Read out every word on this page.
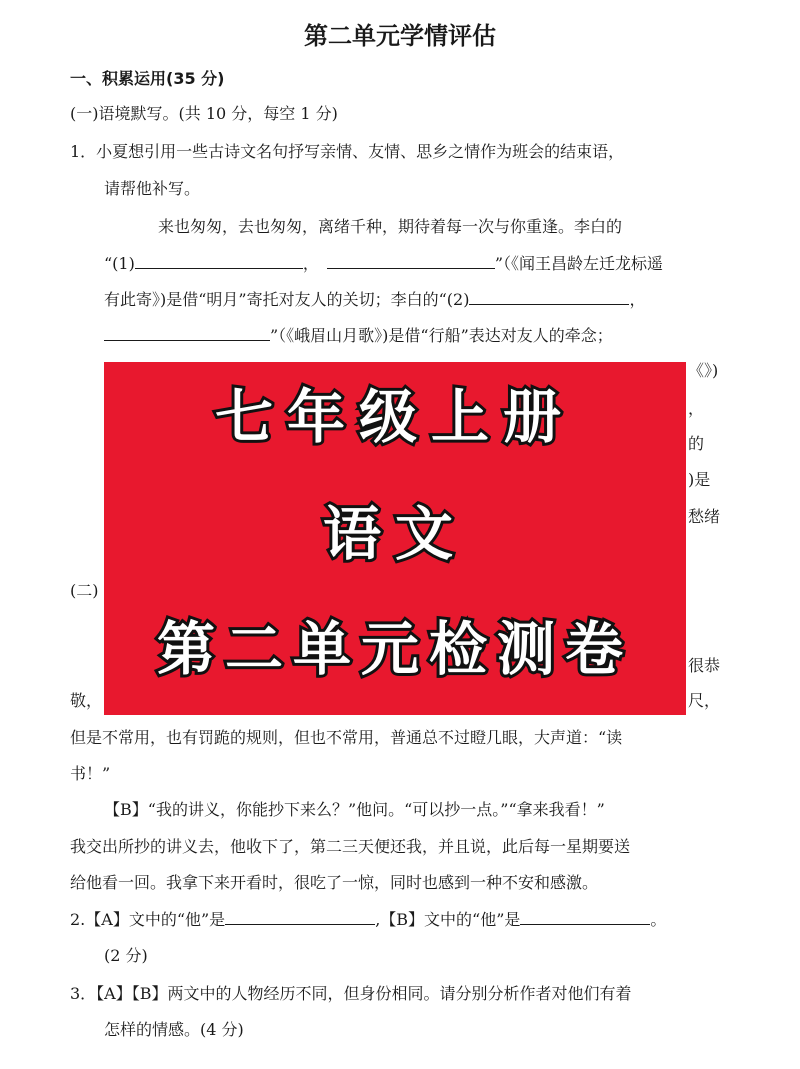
第二单元学情评估
一、积累运用(35 分)
(一)语境默写。(共 10 分，每空 1 分)
1．小夏想引用一些古诗文名句抒写亲情、友情、思乡之情作为班会的结束语，
请帮他补写。
来也匆匆，去也匆匆，离绪千种，期待着每一次与你重逢。李白的
“(1)	，	”（《闻王昌龄左迁龙标遥
有此寄》)是借“明月”寄托对友人的关切；李白的“(2)	，
”（《峨眉山月歌》)是借“行船”表达对友人的牵念；
《》)
，
的
)是
愁绪
(二)
很恭
敬，	尺，
但是不常用，也有罚跪的规则，但也不常用，普通总不过瞪几眼，大声道：“读
书！”
【B】“我的讲义，你能抄下来么？”他问。“可以抄一点。”“拿来我看！”
我交出所抄的讲义去，他收下了，第二三天便还我，并且说，此后每一星期要送
给他看一回。我拿下来开看时，很吃了一惊，同时也感到一种不安和感激。
2.【A】文中的“他”是	,【B】文中的“他”是	。
(2 分)
3．【A】【B】两文中的人物经历不同，但身份相同。请分别分析作者对他们有着
怎样的情感。(4 分)
七年级上册
语文
第二单元检测卷
